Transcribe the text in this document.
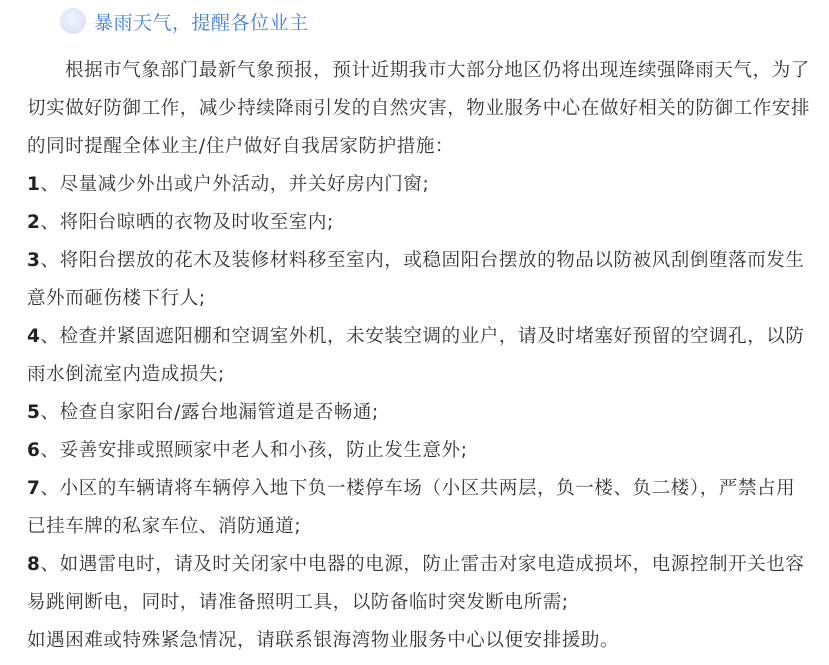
暴雨天气，提醒各位业主

根据市气象部门最新气象预报，预计近期我市大部分地区仍将出现连续强降雨天气，为了切实做好防御工作，减少持续降雨引发的自然灾害，物业服务中心在做好相关的防御工作安排的同时提醒全体业主/住户做好自我居家防护措施：

1、尽量减少外出或户外活动，并关好房内门窗;

2、将阳台晾晒的衣物及时收至室内;

3、将阳台摆放的花木及装修材料移至室内，或稳固阳台摆放的物品以防被风刮倒堕落而发生意外而砸伤楼下行人;

4、检查并紧固遮阳棚和空调室外机，未安装空调的业户，请及时堵塞好预留的空调孔，以防雨水倒流室内造成损失;

5、检查自家阳台/露台地漏管道是否畅通;

6、妥善安排或照顾家中老人和小孩，防止发生意外;

7、小区的车辆请将车辆停入地下负一楼停车场（小区共两层，负一楼、负二楼），严禁占用已挂车牌的私家车位、消防通道;

8、如遇雷电时，请及时关闭家中电器的电源，防止雷击对家电造成损坏，电源控制开关也容易跳闸断电，同时，请准备照明工具，以防备临时突发断电所需;

如遇困难或特殊紧急情况，请联系银海湾物业服务中心以便安排援助。
